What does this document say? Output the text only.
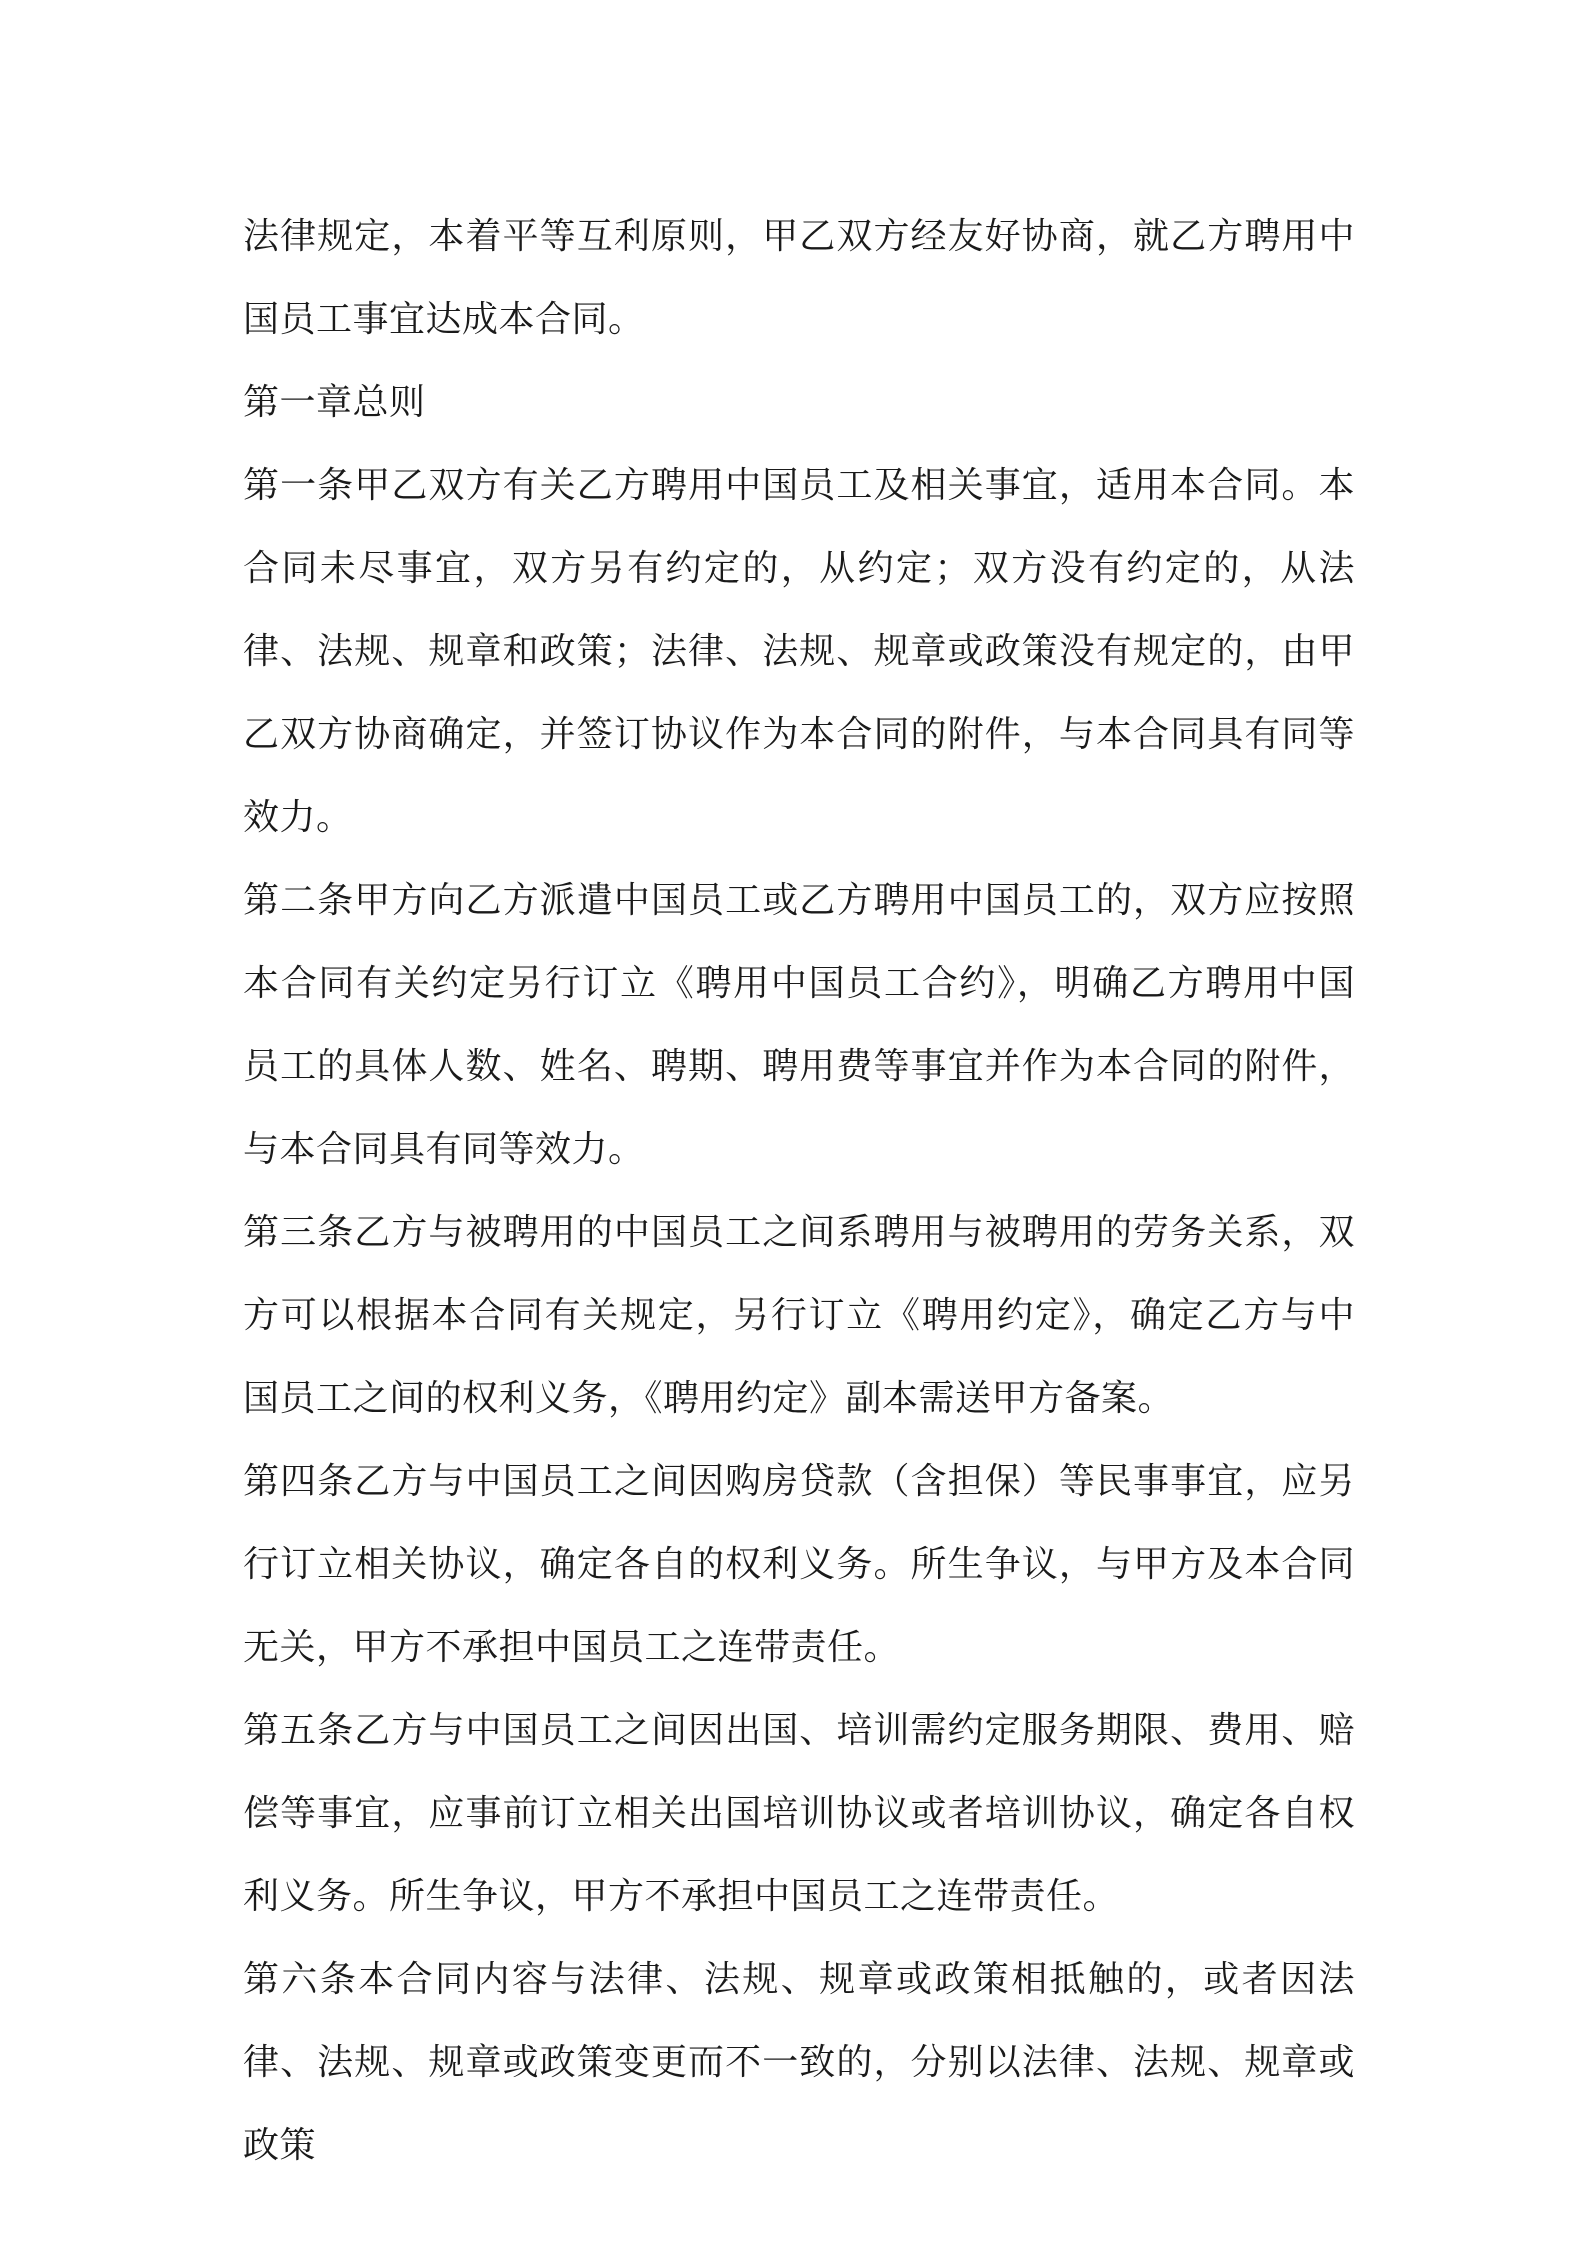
法律规定，本着平等互利原则，甲乙双方经友好协商，就乙方聘用中国员工事宜达成本合同。

第一章总则

第一条甲乙双方有关乙方聘用中国员工及相关事宜，适用本合同。本合同未尽事宜，双方另有约定的，从约定；双方没有约定的，从法律、法规、规章和政策；法律、法规、规章或政策没有规定的，由甲乙双方协商确定，并签订协议作为本合同的附件，与本合同具有同等效力。

第二条甲方向乙方派遣中国员工或乙方聘用中国员工的，双方应按照本合同有关约定另行订立《聘用中国员工合约》，明确乙方聘用中国员工的具体人数、姓名、聘期、聘用费等事宜并作为本合同的附件，与本合同具有同等效力。

第三条乙方与被聘用的中国员工之间系聘用与被聘用的劳务关系，双方可以根据本合同有关规定，另行订立《聘用约定》，确定乙方与中国员工之间的权利义务，《聘用约定》副本需送甲方备案。

第四条乙方与中国员工之间因购房贷款（含担保）等民事事宜，应另行订立相关协议，确定各自的权利义务。所生争议，与甲方及本合同无关，甲方不承担中国员工之连带责任。

第五条乙方与中国员工之间因出国、培训需约定服务期限、费用、赔偿等事宜，应事前订立相关出国培训协议或者培训协议，确定各自权利义务。所生争议，甲方不承担中国员工之连带责任。

第六条本合同内容与法律、法规、规章或政策相抵触的，或者因法律、法规、规章或政策变更而不一致的，分别以法律、法规、规章或政策
